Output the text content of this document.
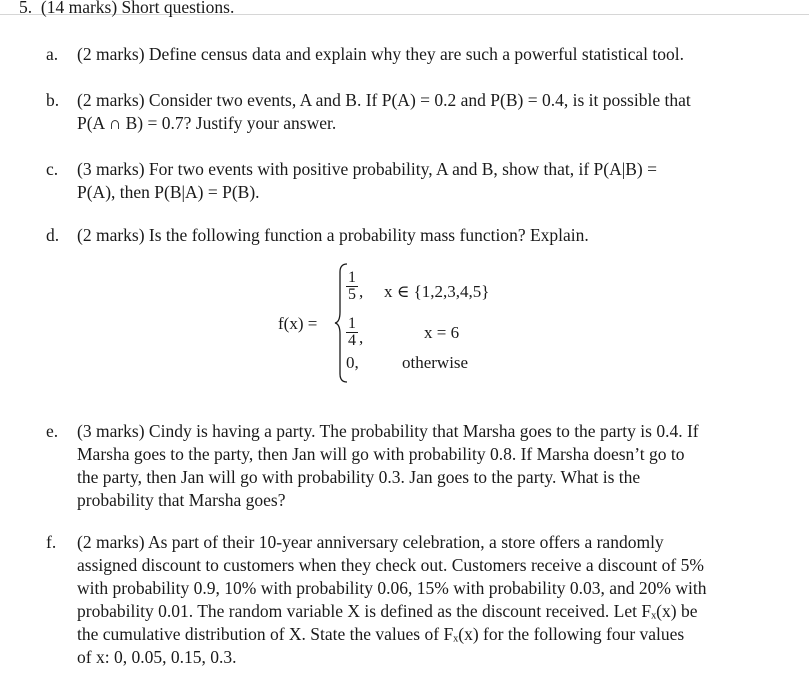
5. (14 marks) Short questions.
a. (2 marks) Define census data and explain why they are such a powerful statistical tool.
b. (2 marks) Consider two events, A and B. If P(A) = 0.2 and P(B) = 0.4, is it possible that
P(A ∩ B) = 0.7? Justify your answer.
c. (3 marks) For two events with positive probability, A and B, show that, if P(A|B) =
P(A), then P(B|A) = P(B).
d. (2 marks) Is the following function a probability mass function? Explain.
f(x) =
$\frac{1}{5}$ , x ∈ {1,2,3,4,5}
$\frac{1}{4}$ ,	x = 6
0,	otherwise
e. (3 marks) Cindy is having a party. The probability that Marsha goes to the party is 0.4. If
Marsha goes to the party, then Jan will go with probability 0.8. If Marsha doesn’t go to
the party, then Jan will go with probability 0.3. Jan goes to the party. What is the
probability that Marsha goes?
f. (2 marks) As part of their 10-year anniversary celebration, a store offers a randomly
assigned discount to customers when they check out. Customers receive a discount of 5%
with probability 0.9, 10% with probability 0.06, 15% with probability 0.03, and 20% with
probability 0.01. The random variable X is defined as the discount received. Let Fₓ(x) be
the cumulative distribution of X. State the values of Fₓ(x) for the following four values
of x: 0, 0.05, 0.15, 0.3.
